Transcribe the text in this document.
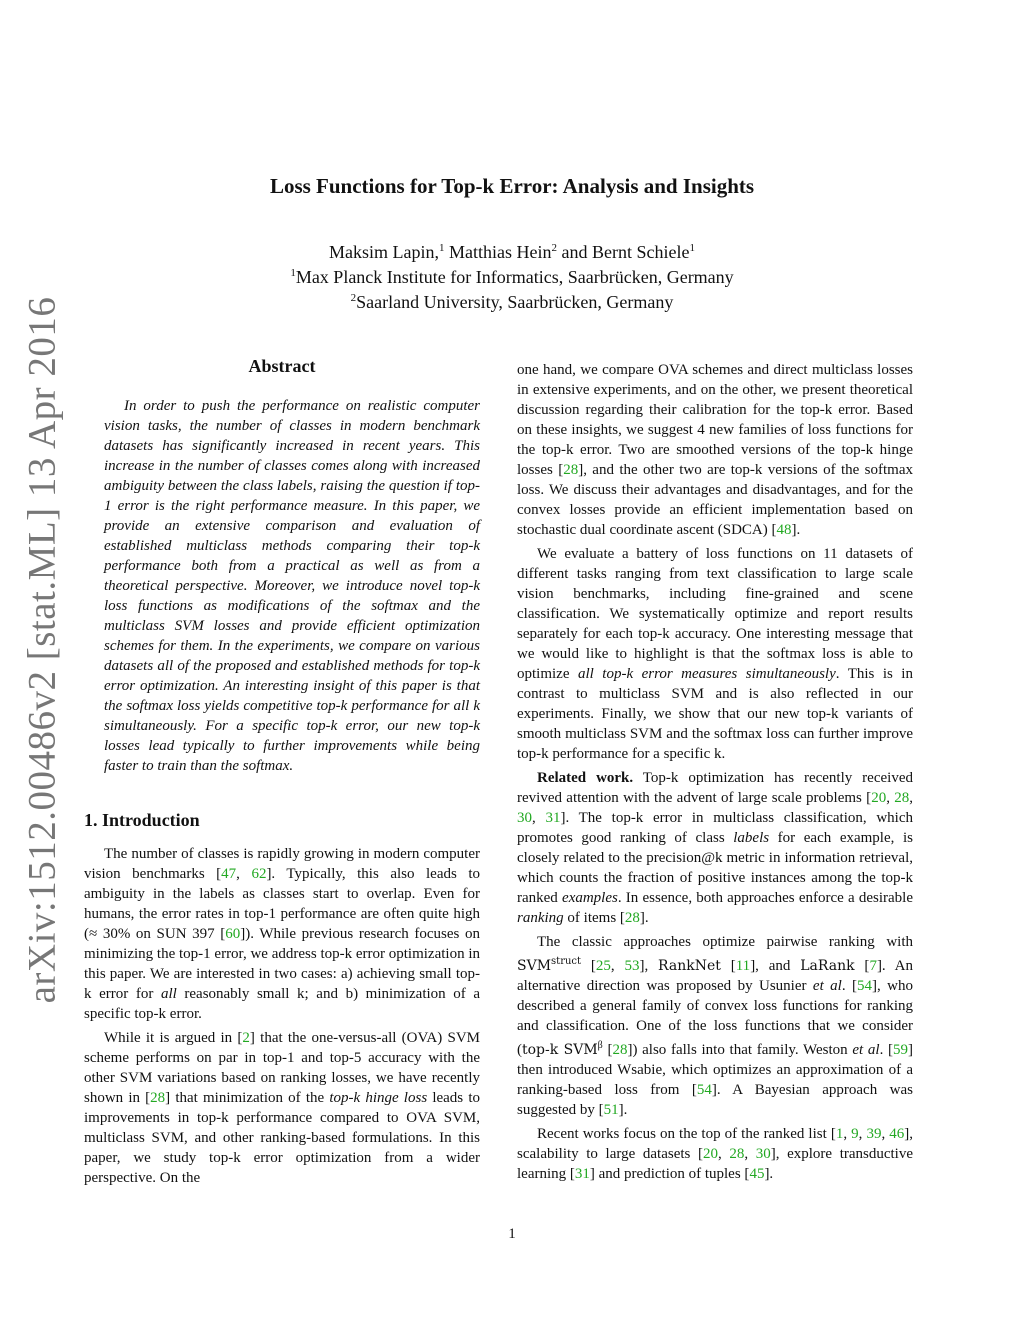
arXiv:1512.00486v2 [stat.ML] 13 Apr 2016
Loss Functions for Top-k Error: Analysis and Insights
Maksim Lapin,$^1$ Matthias Hein$^2$ and Bernt Schiele$^1$
$^1$Max Planck Institute for Informatics, Saarbrücken, Germany
$^2$Saarland University, Saarbrücken, Germany
Abstract

In order to push the performance on realistic computer vision tasks, the number of classes in modern benchmark datasets has significantly increased in recent years. This increase in the number of classes comes along with increased ambiguity between the class labels, raising the question if top-1 error is the right performance measure. In this paper, we provide an extensive comparison and evaluation of established multiclass methods comparing their top-k performance both from a practical as well as from a theoretical perspective. Moreover, we introduce novel top-k loss functions as modifications of the softmax and the multiclass SVM losses and provide efficient optimization schemes for them. In the experiments, we compare on various datasets all of the proposed and established methods for top-k error optimization. An interesting insight of this paper is that the softmax loss yields competitive top-k performance for all k simultaneously. For a specific top-k error, our new top-k losses lead typically to further improvements while being faster to train than the softmax.

1. Introduction

The number of classes is rapidly growing in modern computer vision benchmarks [47, 62]. Typically, this also leads to ambiguity in the labels as classes start to overlap. Even for humans, the error rates in top-1 performance are often quite high (≈ 30% on SUN 397 [60]). While previous research focuses on minimizing the top-1 error, we address top-k error optimization in this paper. We are interested in two cases: a) achieving small top-k error for all reasonably small k; and b) minimization of a specific top-k error.

While it is argued in [2] that the one-versus-all (OVA) SVM scheme performs on par in top-1 and top-5 accuracy with the other SVM variations based on ranking losses, we have recently shown in [28] that minimization of the top-k hinge loss leads to improvements in top-k performance compared to OVA SVM, multiclass SVM, and other ranking-based formulations. In this paper, we study top-k error optimization from a wider perspective. On the

one hand, we compare OVA schemes and direct multiclass losses in extensive experiments, and on the other, we present theoretical discussion regarding their calibration for the top-k error. Based on these insights, we suggest 4 new families of loss functions for the top-k error. Two are smoothed versions of the top-k hinge losses [28], and the other two are top-k versions of the softmax loss. We discuss their advantages and disadvantages, and for the convex losses provide an efficient implementation based on stochastic dual coordinate ascent (SDCA) [48].

We evaluate a battery of loss functions on 11 datasets of different tasks ranging from text classification to large scale vision benchmarks, including fine-grained and scene classification. We systematically optimize and report results separately for each top-k accuracy. One interesting message that we would like to highlight is that the softmax loss is able to optimize all top-k error measures simultaneously. This is in contrast to multiclass SVM and is also reflected in our experiments. Finally, we show that our new top-k variants of smooth multiclass SVM and the softmax loss can further improve top-k performance for a specific k.

Related work. Top-k optimization has recently received revived attention with the advent of large scale problems [20, 28, 30, 31]. The top-k error in multiclass classification, which promotes good ranking of class labels for each example, is closely related to the precision@k metric in information retrieval, which counts the fraction of positive instances among the top-k ranked examples. In essence, both approaches enforce a desirable ranking of items [28].

The classic approaches optimize pairwise ranking with $SVM^{struct}$ [25, 53], RankNet [11], and LaRank [7]. An alternative direction was proposed by Usunier et al. [54], who described a general family of convex loss functions for ranking and classification. One of the loss functions that we consider (top-k $SVM^\beta$ [28]) also falls into that family. Weston et al. [59] then introduced Wsabie, which optimizes an approximation of a ranking-based loss from [54]. A Bayesian approach was suggested by [51].

Recent works focus on the top of the ranked list [1, 9, 39, 46], scalability to large datasets [20, 28, 30], explore transductive learning [31] and prediction of tuples [45].

1
